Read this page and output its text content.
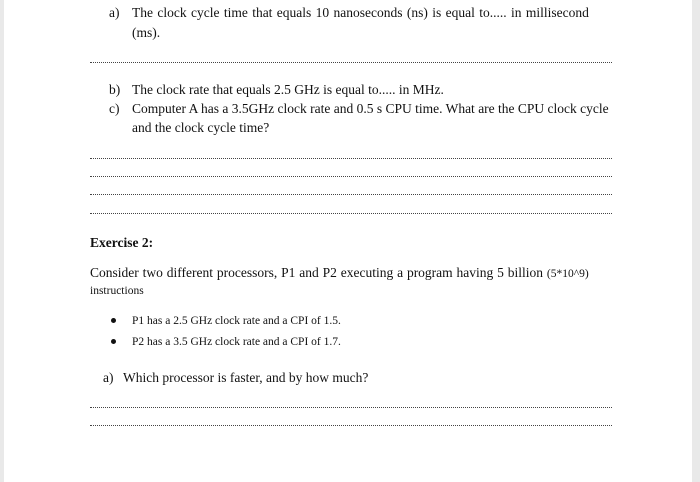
a) The clock cycle time that equals 10 nanoseconds (ns) is equal to..... in millisecond
(ms).
b) The clock rate that equals 2.5 GHz is equal to..... in MHz.
c) Computer A has a 3.5GHz clock rate and 0.5 s CPU time. What are the CPU clock cycle
and the clock cycle time?
Exercise 2:
Consider two different processors, P1 and P2 executing a program having 5 billion (5*10^9)
instructions
P1 has a 2.5 GHz clock rate and a CPI of 1.5.
P2 has a 3.5 GHz clock rate and a CPI of 1.7.
a) Which processor is faster, and by how much?
